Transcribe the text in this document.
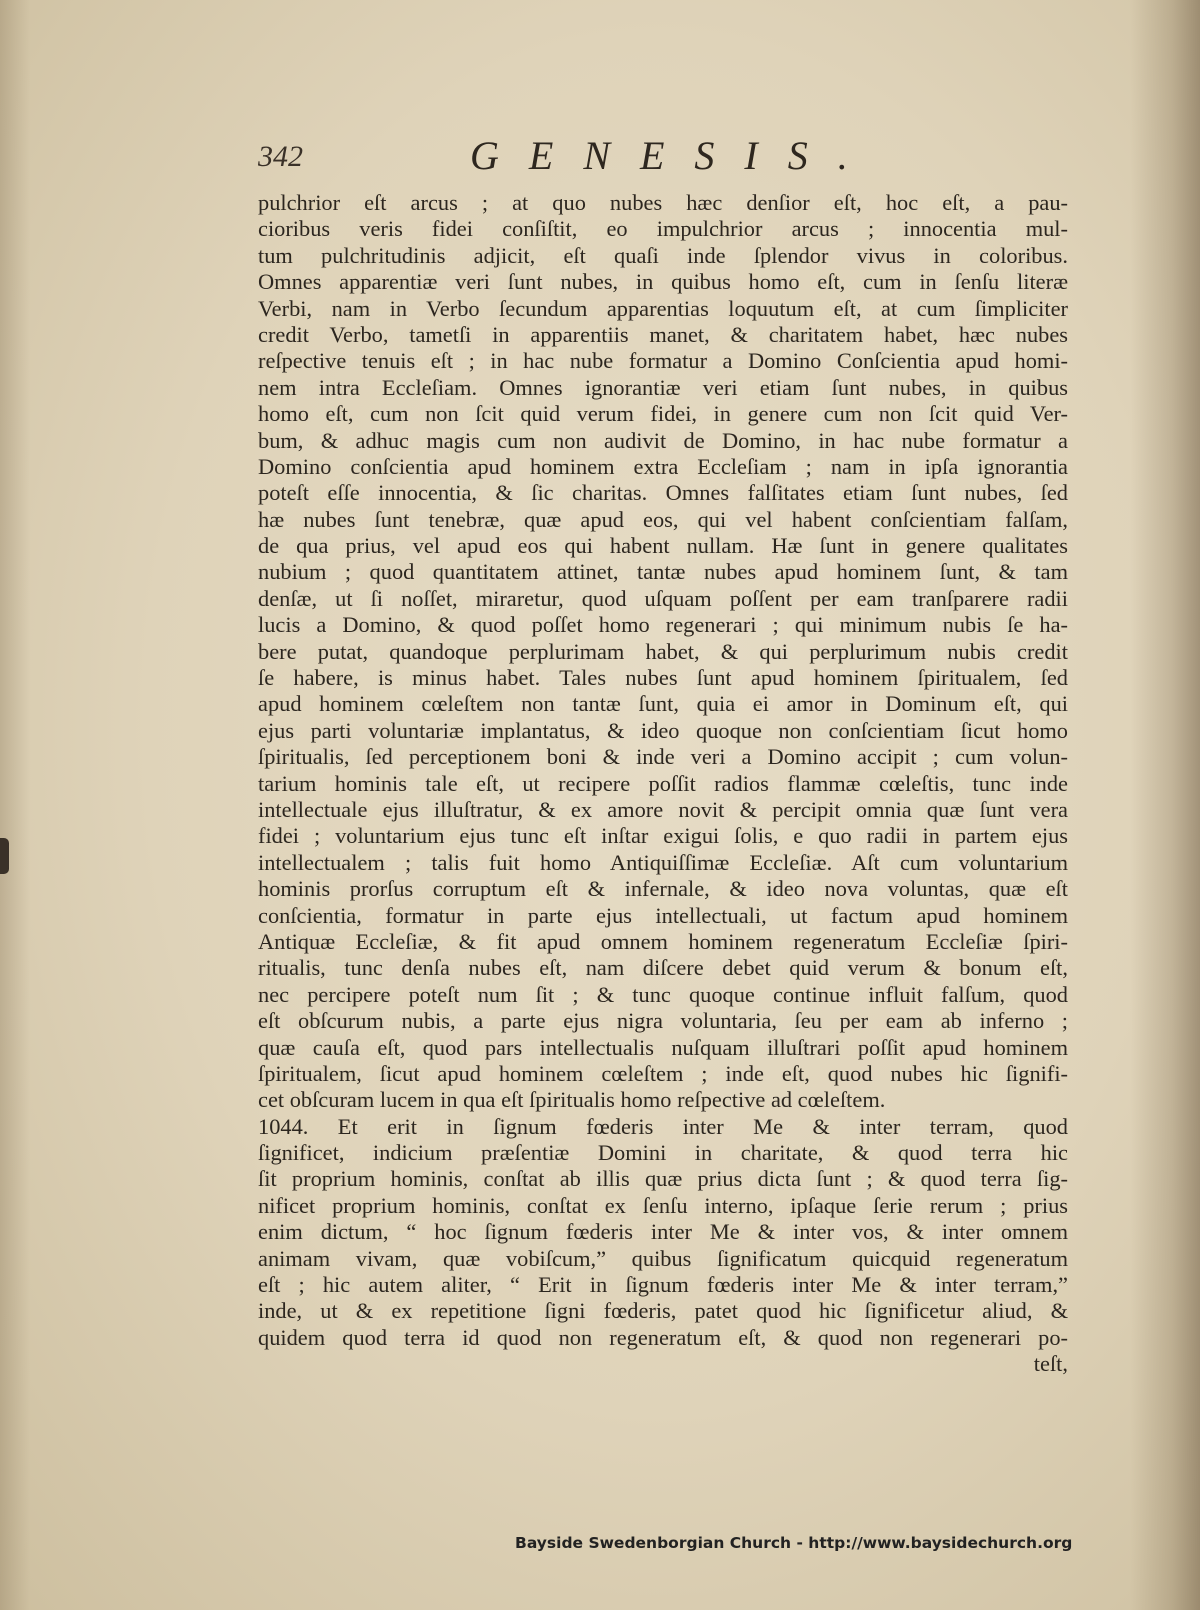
342	GENESIS.
pulchrior eſt arcus ; at quo nubes hæc denſior eſt, hoc eſt, a pau-
cioribus veris fidei conſiſtit, eo impulchrior arcus ; innocentia mul-
tum pulchritudinis adjicit, eſt quaſi inde ſplendor vivus in coloribus.
Omnes apparentiæ veri ſunt nubes, in quibus homo eſt, cum in ſenſu literæ
Verbi, nam in Verbo ſecundum apparentias loquutum eſt, at cum ſimpliciter
credit Verbo, tametſi in apparentiis manet, & charitatem habet, hæc nubes
reſpective tenuis eſt ; in hac nube formatur a Domino Conſcientia apud homi-
nem intra Eccleſiam. Omnes ignorantiæ veri etiam ſunt nubes, in quibus
homo eſt, cum non ſcit quid verum fidei, in genere cum non ſcit quid Ver-
bum, & adhuc magis cum non audivit de Domino, in hac nube formatur a
Domino conſcientia apud hominem extra Eccleſiam ; nam in ipſa ignorantia
poteſt eſſe innocentia, & ſic charitas. Omnes falſitates etiam ſunt nubes, ſed
hæ nubes ſunt tenebræ, quæ apud eos, qui vel habent conſcientiam falſam,
de qua prius, vel apud eos qui habent nullam. Hæ ſunt in genere qualitates
nubium ; quod quantitatem attinet, tantæ nubes apud hominem ſunt, & tam
denſæ, ut ſi noſſet, miraretur, quod uſquam poſſent per eam tranſparere radii
lucis a Domino, & quod poſſet homo regenerari ; qui minimum nubis ſe ha-
bere putat, quandoque perplurimam habet, & qui perplurimum nubis credit
ſe habere, is minus habet. Tales nubes ſunt apud hominem ſpiritualem, ſed
apud hominem cœleſtem non tantæ ſunt, quia ei amor in Dominum eſt, qui
ejus parti voluntariæ implantatus, & ideo quoque non conſcientiam ſicut homo
ſpiritualis, ſed perceptionem boni & inde veri a Domino accipit ; cum volun-
tarium hominis tale eſt, ut recipere poſſit radios flammæ cœleſtis, tunc inde
intellectuale ejus illuſtratur, & ex amore novit & percipit omnia quæ ſunt vera
fidei ; voluntarium ejus tunc eſt inſtar exigui ſolis, e quo radii in partem ejus
intellectualem ; talis fuit homo Antiquiſſimæ Eccleſiæ. Aſt cum voluntarium
hominis prorſus corruptum eſt & infernale, & ideo nova voluntas, quæ eſt
conſcientia, formatur in parte ejus intellectuali, ut factum apud hominem
Antiquæ Eccleſiæ, & fit apud omnem hominem regeneratum Eccleſiæ ſpiri-
ritualis, tunc denſa nubes eſt, nam diſcere debet quid verum & bonum eſt,
nec percipere poteſt num ſit ; & tunc quoque continue influit falſum, quod
eſt obſcurum nubis, a parte ejus nigra voluntaria, ſeu per eam ab inferno ;
quæ cauſa eſt, quod pars intellectualis nuſquam illuſtrari poſſit apud hominem
ſpiritualem, ſicut apud hominem cœleſtem ; inde eſt, quod nubes hic ſignifi-
cet obſcuram lucem in qua eſt ſpiritualis homo reſpective ad cœleſtem.
1044. Et erit in ſignum fœderis inter Me & inter terram, quod
ſignificet, indicium præſentiæ Domini in charitate, & quod terra hic
ſit proprium hominis, conſtat ab illis quæ prius dicta ſunt ; & quod terra ſig-
nificet proprium hominis, conſtat ex ſenſu interno, ipſaque ſerie rerum ; prius
enim dictum, “ hoc ſignum fœderis inter Me & inter vos, & inter omnem
animam vivam, quæ vobiſcum,” quibus ſignificatum quicquid regeneratum
eſt ; hic autem aliter, “ Erit in ſignum fœderis inter Me & inter terram,”
inde, ut & ex repetitione ſigni fœderis, patet quod hic ſignificetur aliud, &
quidem quod terra id quod non regeneratum eſt, & quod non regenerari po-
teſt,
Bayside Swedenborgian Church - http://www.baysidechurch.org
